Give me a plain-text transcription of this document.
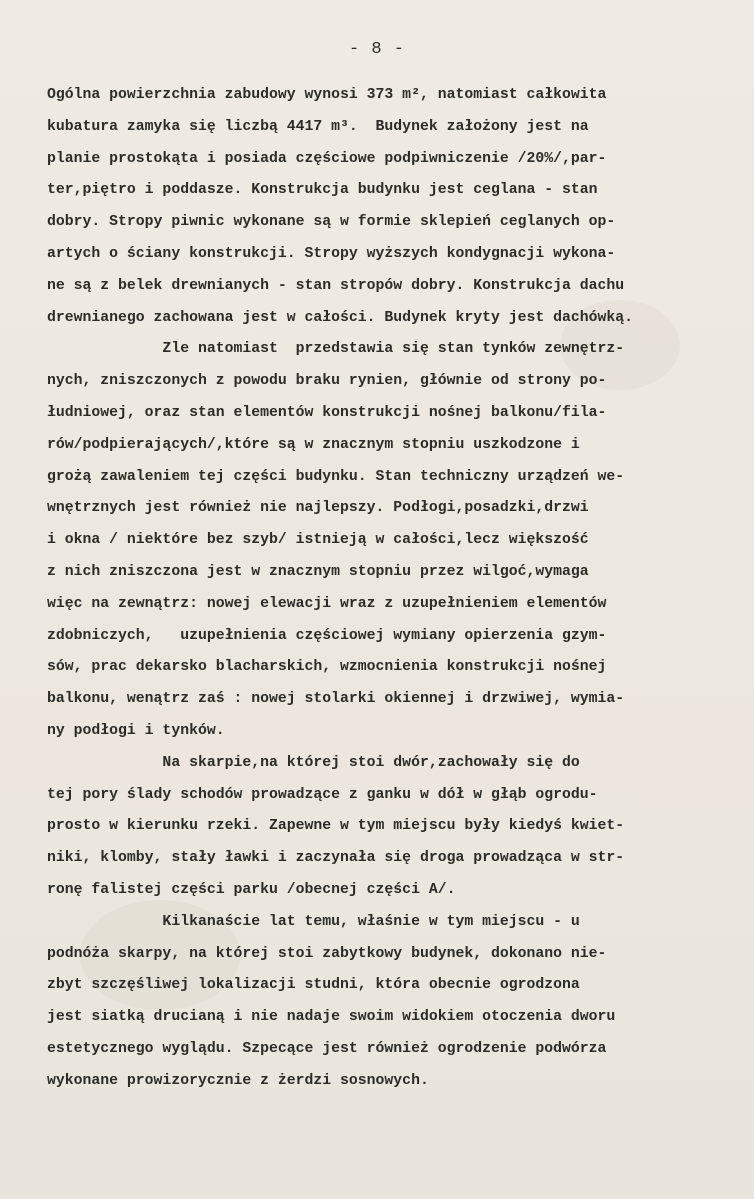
- 8 -
Ogólna powierzchnia zabudowy wynosi 373 m², natomiast całkowita
kubatura zamyka się liczbą 4417 m³.  Budynek założony jest na
planie prostokąta i posiada częściowe podpiwniczenie /20%/,par-
ter,piętro i poddasze. Konstrukcja budynku jest ceglana - stan
dobry. Stropy piwnic wykonane są w formie sklepień ceglanych op-
artych o ściany konstrukcji. Stropy wyższych kondygnacji wykona-
ne są z belek drewnianych - stan stropów dobry. Konstrukcja dachu
drewnianego zachowana jest w całości. Budynek kryty jest dachówką.
Zle natomiast  przedstawia się stan tynków zewnętrz-
nych, zniszczonych z powodu braku rynien, głównie od strony po-
łudniowej, oraz stan elementów konstrukcji nośnej balkonu/fila-
rów/podpierających/,które są w znacznym stopniu uszkodzone i
grożą zawaleniem tej części budynku. Stan techniczny urządzeń we-
wnętrznych jest również nie najlepszy. Podłogi,posadzki,drzwi
i okna / niektóre bez szyb/ istnieją w całości,lecz większość
z nich zniszczona jest w znacznym stopniu przez wilgoć,wymaga
więc na zewnątrz: nowej elewacji wraz z uzupełnieniem elementów
zdobniczych,   uzupełnienia częściowej wymiany opierzenia gzym-
sów, prac dekarsko blacharskich, wzmocnienia konstrukcji nośnej
balkonu, wenątrz zaś : nowej stolarki okiennej i drzwiwej, wymia-
ny podłogi i tynków.
Na skarpie,na której stoi dwór,zachowały się do
tej pory ślady schodów prowadzące z ganku w dół w głąb ogrodu-
prosto w kierunku rzeki. Zapewne w tym miejscu były kiedyś kwiet-
niki, klomby, stały ławki i zaczynała się droga prowadząca w str-
ronę falistej części parku /obecnej części A/.
Kilkanaście lat temu, właśnie w tym miejscu - u
podnóża skarpy, na której stoi zabytkowy budynek, dokonano nie-
zbyt szczęśliwej lokalizacji studni, która obecnie ogrodzona
jest siatką drucianą i nie nadaje swoim widokiem otoczenia dworu
estetycznego wyglądu. Szpecące jest również ogrodzenie podwórza
wykonane prowizorycznie z żerdzi sosnowych.
